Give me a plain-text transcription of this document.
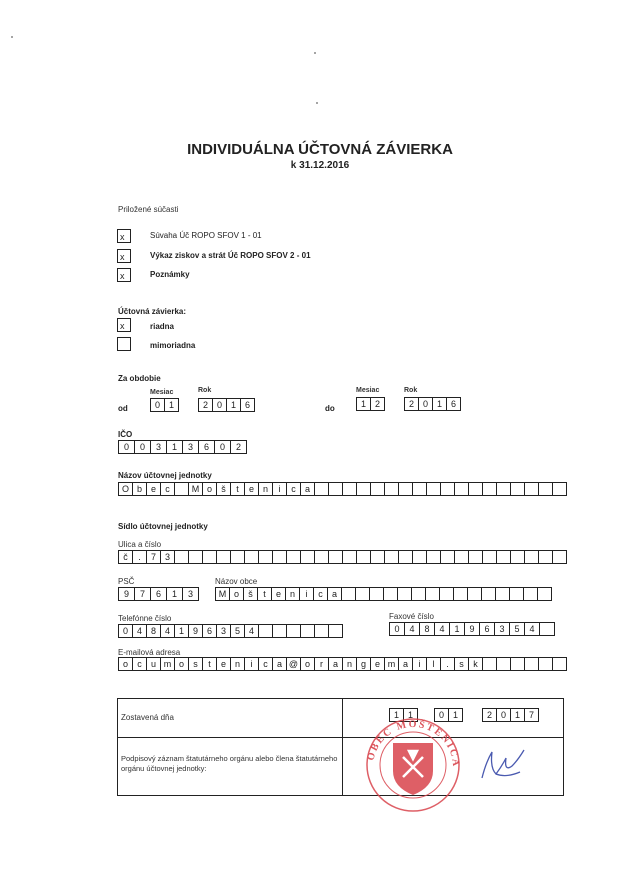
INDIVIDUÁLNA ÚČTOVNÁ ZÁVIERKA
k 31.12.2016
Priložené súčasti
x	Súvaha Úč ROPO SFOV 1 - 01
x	Výkaz ziskov a strát Úč ROPO SFOV 2 - 01
x	Poznámky
Účtovná závierka:
x	riadna
mimoriadna
Za obdobie
Mesiac	Rok	Mesiac	Rok
od	0 1	2 0 1 6	do	1 2	2 0 1 6
IČO
0	0	3	1	3	6	0	2
Názov účtovnej jednotky
O b e	c	M o	š	t	e n	i	c	a
Sídlo účtovnej jednotky
Ulica a číslo
č	.	7 3
PSČ
9	7	6	1	3
Názov obce
M o	š	t	e n	i	c	a
Telefónne číslo
0 4 8 4 1 9 6 3 5 4
Faxové číslo
0	4	8	4	1	9	6	3	5	4
E-mailová adresa
o	c	u m o	s	t	e n	i	c	a @ o	r	a n g e m a	i	l	.	s	k
Zostavená dňa	1 1	0 1	2 0 1 7
Podpisový záznam štatutárneho orgánu alebo člena štatutárneho
orgánu účtovnej jednotky:
OBEC MOŠTENICA
